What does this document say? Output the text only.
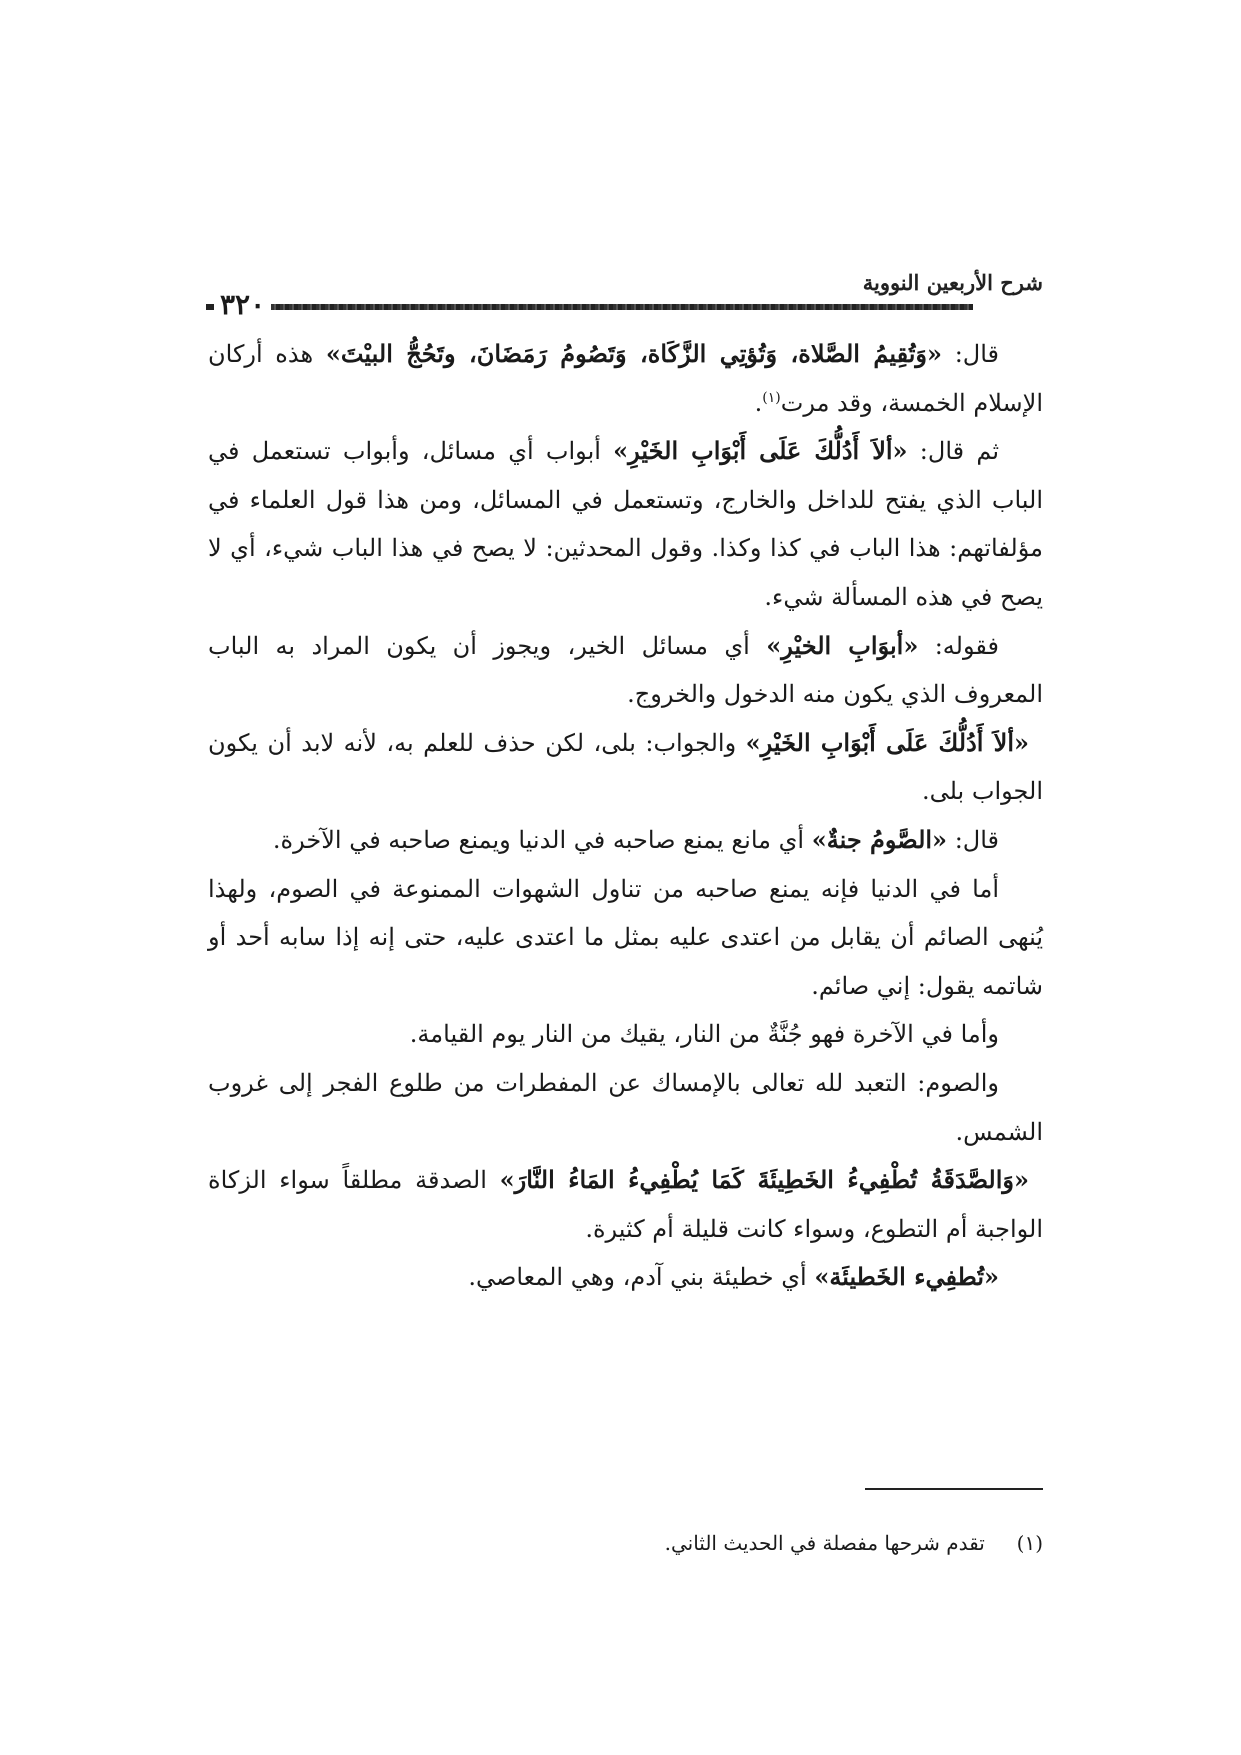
شرح الأربعين النووية
٣٢٠

قال: «وَتُقِيمُ الصَّلاة، وَتُؤتِي الزَّكَاة، وَتَصُومُ رَمَضَانَ، وتَحُجُّ البيْتَ» هذه أركان الإسلام الخمسة، وقد مرت$^{(١)}$.

ثم قال: «ألاَ أَدُلُّكَ عَلَى أَبْوَابِ الخَيْرِ» أبواب أي مسائل، وأبواب تستعمل في الباب الذي يفتح للداخل والخارج، وتستعمل في المسائل، ومن هذا قول العلماء في مؤلفاتهم: هذا الباب في كذا وكذا. وقول المحدثين: لا يصح في هذا الباب شيء، أي لا يصح في هذه المسألة شيء.

فقوله: «أبوَابِ الخيْرِ» أي مسائل الخير، ويجوز أن يكون المراد به الباب المعروف الذي يكون منه الدخول والخروج.

«ألاَ أَدُلُّكَ عَلَى أَبْوَابِ الخَيْرِ» والجواب: بلى، لكن حذف للعلم به، لأنه لابد أن يكون الجواب بلى.

قال: «الصَّومُ جنةٌ» أي مانع يمنع صاحبه في الدنيا ويمنع صاحبه في الآخرة.

أما في الدنيا فإنه يمنع صاحبه من تناول الشهوات الممنوعة في الصوم، ولهذا يُنهى الصائم أن يقابل من اعتدى عليه بمثل ما اعتدى عليه، حتى إنه إذا سابه أحد أو شاتمه يقول: إني صائم.

وأما في الآخرة فهو جُنَّةٌ من النار، يقيك من النار يوم القيامة.

والصوم: التعبد لله تعالى بالإمساك عن المفطرات من طلوع الفجر إلى غروب الشمس.

«وَالصَّدَقَةُ تُطْفِيءُ الخَطِيئَةَ كَمَا يُطْفِيءُ المَاءُ النَّارَ» الصدقة مطلقاً سواء الزكاة الواجبة أم التطوع، وسواء كانت قليلة أم كثيرة.

«تُطفِيء الخَطيئَة» أي خطيئة بني آدم، وهي المعاصي.

(١)     تقدم شرحها مفصلة في الحديث الثاني.
